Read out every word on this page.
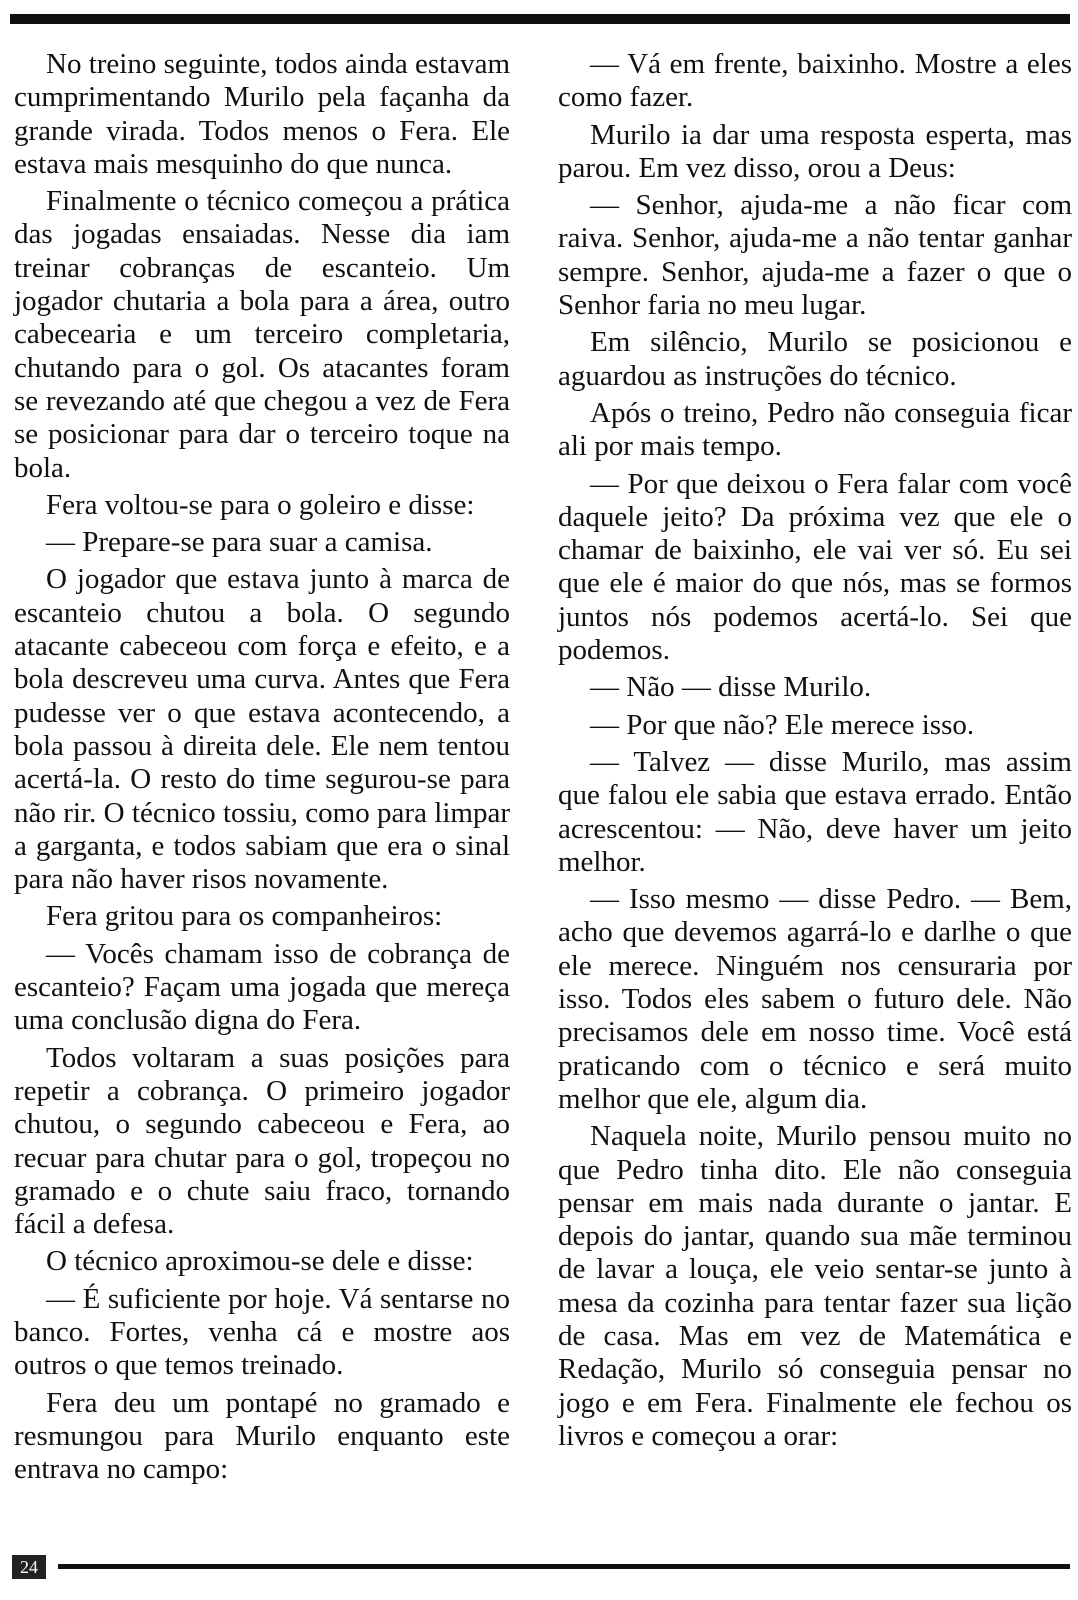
No treino seguinte, todos ainda estavam cumprimentando Murilo pela façanha da grande virada. Todos menos o Fera. Ele estava mais mesquinho do que nunca.

Finalmente o técnico começou a prática das jogadas ensaiadas. Nesse dia iam treinar cobranças de escanteio. Um jogador chutaria a bola para a área, outro cabecearia e um terceiro completaria, chutando para o gol. Os atacantes foram se revezando até que chegou a vez de Fera se posicionar para dar o terceiro toque na bola.

Fera voltou-se para o goleiro e disse:

— Prepare-se para suar a camisa.

O jogador que estava junto à marca de escanteio chutou a bola. O segundo atacante cabeceou com força e efeito, e a bola descreveu uma curva. Antes que Fera pudesse ver o que estava acontecendo, a bola passou à direita dele. Ele nem tentou acertá-la. O resto do time segurou-se para não rir. O técnico tossiu, como para limpar a garganta, e todos sabiam que era o sinal para não haver risos novamente.

Fera gritou para os companheiros:

— Vocês chamam isso de cobrança de escanteio? Façam uma jogada que mereça uma conclusão digna do Fera.

Todos voltaram a suas posições para repetir a cobrança. O primeiro jogador chutou, o segundo cabeceou e Fera, ao recuar para chutar para o gol, tropeçou no gramado e o chute saiu fraco, tornando fácil a defesa.

O técnico aproximou-se dele e disse:

— É suficiente por hoje. Vá sentarse no banco. Fortes, venha cá e mostre aos outros o que temos treinado.

Fera deu um pontapé no gramado e resmungou para Murilo enquanto este entrava no campo:

— Vá em frente, baixinho. Mostre a eles como fazer.

Murilo ia dar uma resposta esperta, mas parou. Em vez disso, orou a Deus:

— Senhor, ajuda-me a não ficar com raiva. Senhor, ajuda-me a não tentar ganhar sempre. Senhor, ajuda-me a fazer o que o Senhor faria no meu lugar.

Em silêncio, Murilo se posicionou e aguardou as instruções do técnico.

Após o treino, Pedro não conseguia ficar ali por mais tempo.

— Por que deixou o Fera falar com você daquele jeito? Da próxima vez que ele o chamar de baixinho, ele vai ver só. Eu sei que ele é maior do que nós, mas se formos juntos nós podemos acertá-lo. Sei que podemos.

— Não — disse Murilo.

— Por que não? Ele merece isso.

— Talvez — disse Murilo, mas assim que falou ele sabia que estava errado. Então acrescentou: — Não, deve haver um jeito melhor.

— Isso mesmo — disse Pedro. — Bem, acho que devemos agarrá-lo e darlhe o que ele merece. Ninguém nos censuraria por isso. Todos eles sabem o futuro dele. Não precisamos dele em nosso time. Você está praticando com o técnico e será muito melhor que ele, algum dia.

Naquela noite, Murilo pensou muito no que Pedro tinha dito. Ele não conseguia pensar em mais nada durante o jantar. E depois do jantar, quando sua mãe terminou de lavar a louça, ele veio sentar-se junto à mesa da cozinha para tentar fazer sua lição de casa. Mas em vez de Matemática e Redação, Murilo só conseguia pensar no jogo e em Fera. Finalmente ele fechou os livros e começou a orar:

24
